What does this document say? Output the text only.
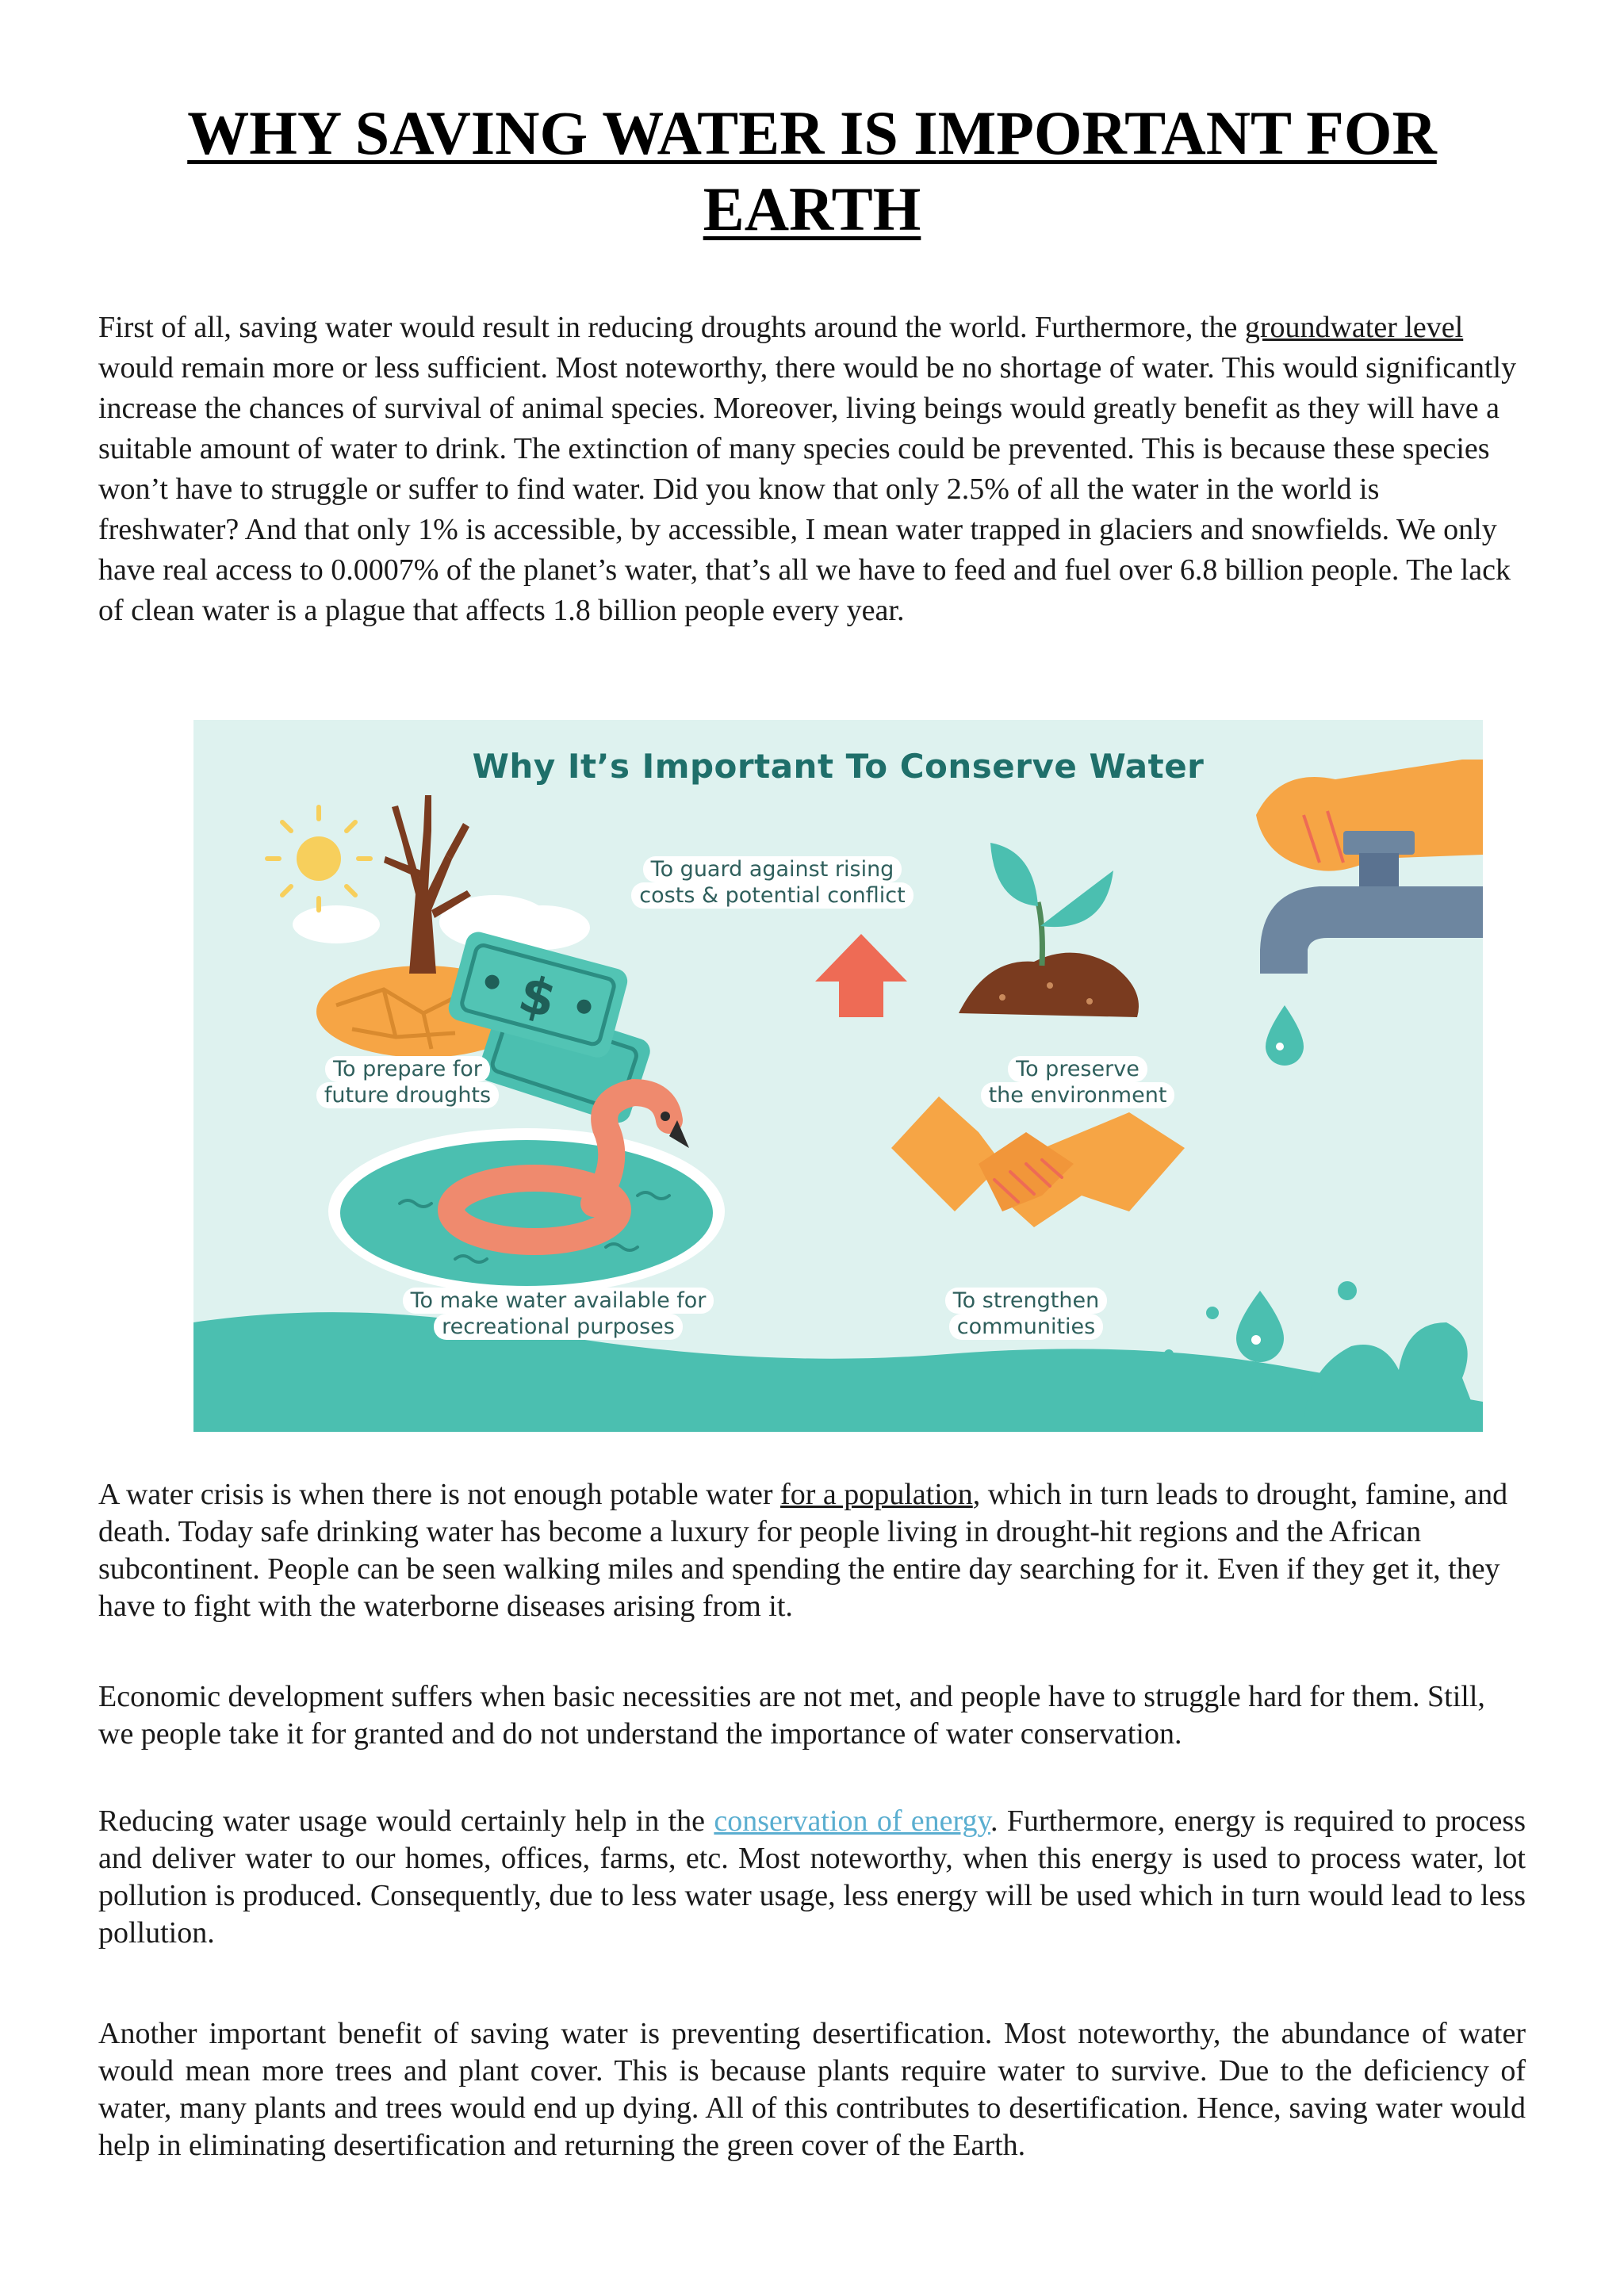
WHY SAVING WATER IS IMPORTANT FOR
EARTH

First of all, saving water would result in reducing droughts around the world. Furthermore, the groundwater level would remain more or less sufficient. Most noteworthy, there would be no shortage of water. This would significantly increase the chances of survival of animal species. Moreover, living beings would greatly benefit as they will have a suitable amount of water to drink. The extinction of many species could be prevented. This is because these species won’t have to struggle or suffer to find water. Did you know that only 2.5% of all the water in the world is freshwater? And that only 1% is accessible, by accessible, I mean water trapped in glaciers and snowfields. We only have real access to 0.0007% of the planet’s water, that’s all we have to feed and fuel over 6.8 billion people. The lack of clean water is a plague that affects 1.8 billion people every year.

$
Why It’s Important To Conserve Water
To guard against rising
costs & potential conflict
To prepare for
future droughts
To preserve
the environment
To make water available for
recreational purposes
To strengthen
communities

A water crisis is when there is not enough potable water for a population, which in turn leads to drought, famine, and death. Today safe drinking water has become a luxury for people living in drought-hit regions and the African subcontinent. People can be seen walking miles and spending the entire day searching for it. Even if they get it, they have to fight with the waterborne diseases arising from it.

Economic development suffers when basic necessities are not met, and people have to struggle hard for them. Still, we people take it for granted and do not understand the importance of water conservation.

Reducing water usage would certainly help in the conservation of energy. Furthermore, energy is required to process and deliver water to our homes, offices, farms, etc. Most noteworthy, when this energy is used to process water, lot pollution is produced. Consequently, due to less water usage, less energy will be used which in turn would lead to less pollution.

Another important benefit of saving water is preventing desertification. Most noteworthy, the abundance of water would mean more trees and plant cover. This is because plants require water to survive. Due to the deficiency of water, many plants and trees would end up dying. All of this contributes to desertification. Hence, saving water would help in eliminating desertification and returning the green cover of the Earth.
